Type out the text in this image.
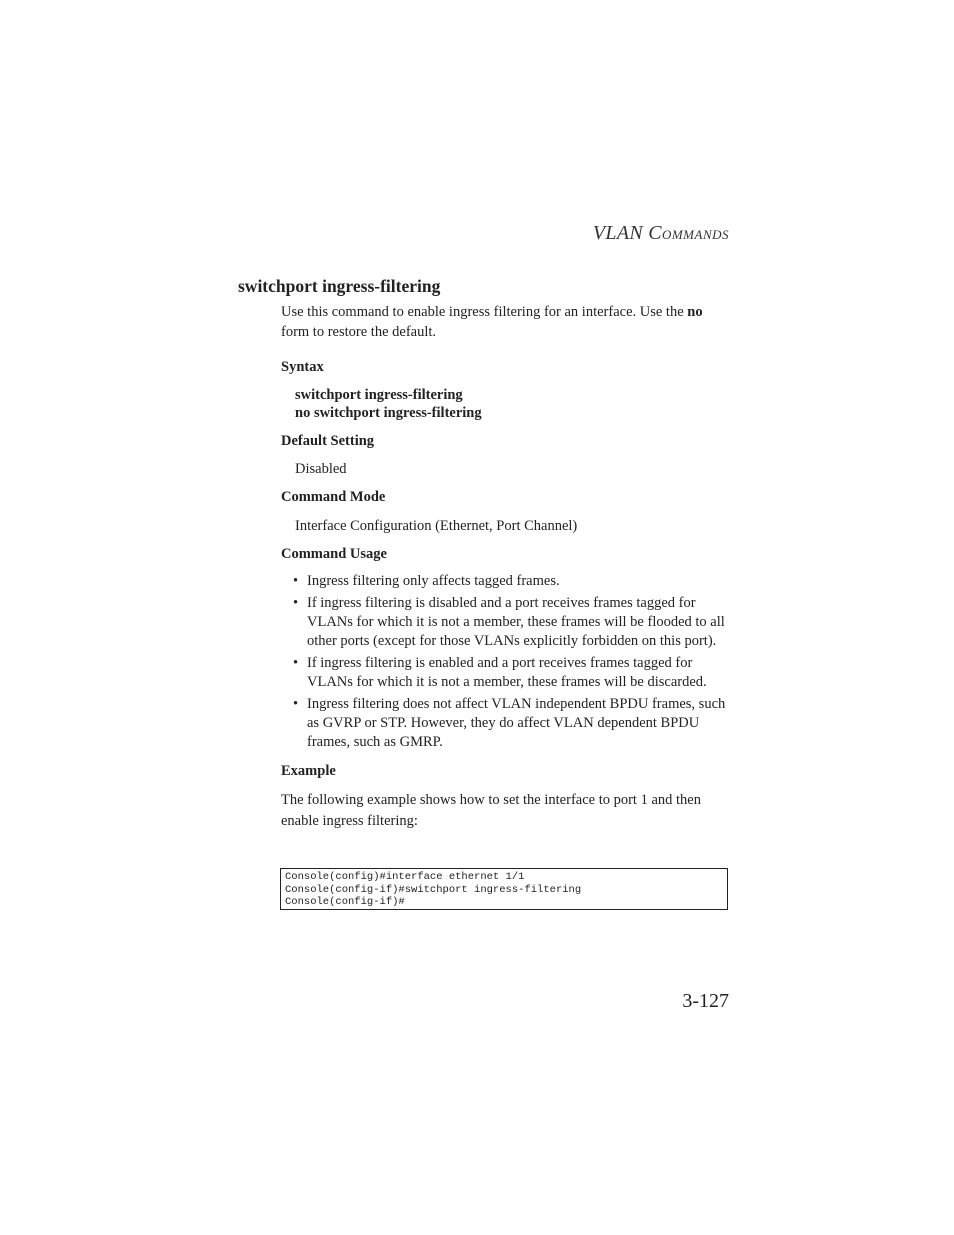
VLAN COMMANDS
switchport ingress-filtering

Use this command to enable ingress filtering for an interface. Use the no form to restore the default.

Syntax

switchport ingress-filtering
no switchport ingress-filtering

Default Setting

Disabled

Command Mode

Interface Configuration (Ethernet, Port Channel)

Command Usage

• Ingress filtering only affects tagged frames.
• If ingress filtering is disabled and a port receives frames tagged for VLANs for which it is not a member, these frames will be flooded to all other ports (except for those VLANs explicitly forbidden on this port).
• If ingress filtering is enabled and a port receives frames tagged for VLANs for which it is not a member, these frames will be discarded.
• Ingress filtering does not affect VLAN independent BPDU frames, such as GVRP or STP. However, they do affect VLAN dependent BPDU frames, such as GMRP.

Example

The following example shows how to set the interface to port 1 and then enable ingress filtering:

Console(config)#interface ethernet 1/1
Console(config-if)#switchport ingress-filtering
Console(config-if)#
3-127
